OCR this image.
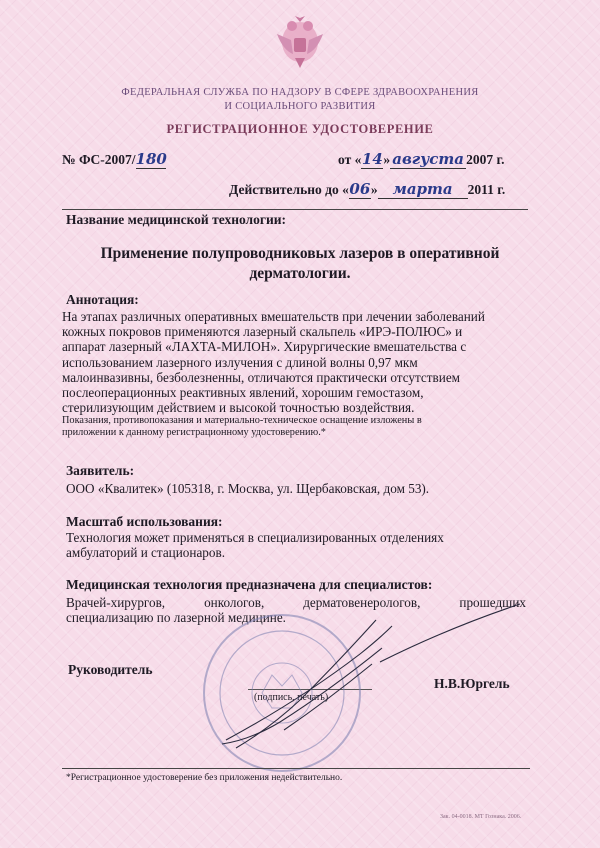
ФЕДЕРАЛЬНАЯ СЛУЖБА ПО НАДЗОРУ В СФЕРЕ ЗДРАВООХРАНЕНИЯ
И СОЦИАЛЬНОГО РАЗВИТИЯ
РЕГИСТРАЦИОННОЕ УДОСТОВЕРЕНИЕ
№ ФС-2007/180	от «14» августа 2007 г.
Действительно до «06» марта 2011 г.
Название медицинской технологии:
Применение полупроводниковых лазеров в оперативной
дерматологии.
Аннотация:
На этапах различных оперативных вмешательств при лечении заболеваний
кожных покровов применяются лазерный скальпель «ИРЭ-ПОЛЮС» и
аппарат лазерный «ЛАХТА-МИЛОН». Хирургические вмешательства с
использованием лазерного излучения с длиной волны 0,97 мкм
малоинвазивны, безболезненны, отличаются практически отсутствием
послеоперационных реактивных явлений, хорошим гемостазом,
стерилизующим действием и высокой точностью воздействия.
Показания, противопоказания и материально-техническое оснащение изложены в
приложении к данному регистрационному удостоверению.*
Заявитель:
ООО «Квалитек» (105318, г. Москва, ул. Щербаковская, дом 53).
Масштаб использования:
Технология может применяться в специализированных отделениях
амбулаторий и стационаров.
Медицинская технология предназначена для специалистов:
Врачей-хирургов, онкологов, дерматовенерологов, прошедших
специализацию по лазерной медицине.
Руководитель
(подпись, печать)
Н.В.Юргель
*Регистрационное удостоверение без приложения недействительно.
Зак. 04-0018. МТ Гознака. 2006.
